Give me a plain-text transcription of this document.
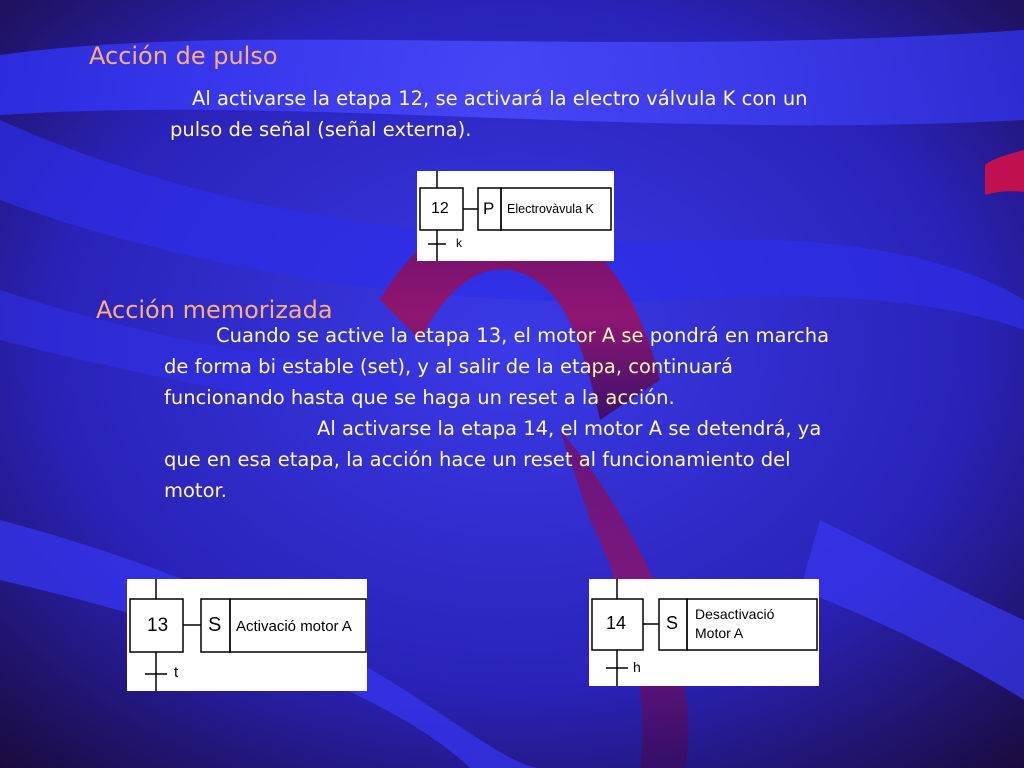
Acción de pulso
Al activarse la etapa 12, se activará la electro válvula K con un
pulso de señal (señal externa).
12 P Electrovàvula K
k
Acción memorizada
Cuando se active la etapa 13, el motor A se pondrá en marcha
de forma bi estable (set), y al salir de la etapa, continuará
funcionando hasta que se haga un reset a la acción.
Al activarse la etapa 14, el motor A se detendrá, ya
que en esa etapa, la acción hace un reset al funcionamiento del
motor.
13 S Activació motor A
t
14 S Desactivació
Motor A
h
